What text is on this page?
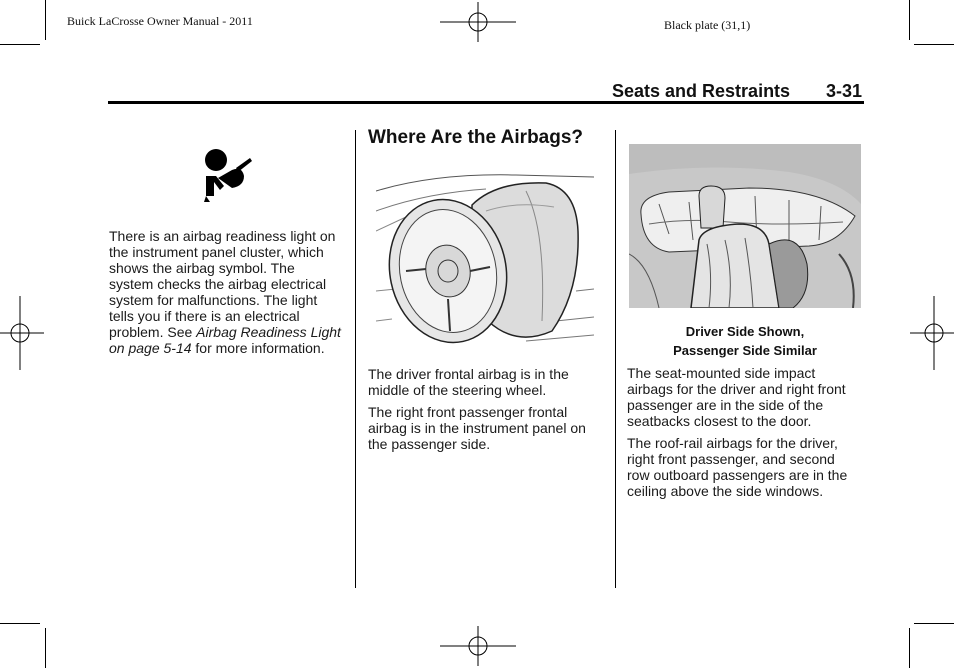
Buick LaCrosse Owner Manual - 2011	Black plate (31,1)
Seats and Restraints 3-31
There is an airbag readiness light on the instrument panel cluster, which shows the airbag symbol. The system checks the airbag electrical system for malfunctions. The light tells you if there is an electrical problem. See Airbag Readiness Light on page 5-14 for more information.
Where Are the Airbags?

The driver frontal airbag is in the middle of the steering wheel.

The right front passenger frontal airbag is in the instrument panel on the passenger side.

Driver Side Shown,
Passenger Side Similar

The seat-mounted side impact airbags for the driver and right front passenger are in the side of the seatbacks closest to the door.

The roof-rail airbags for the driver, right front passenger, and second row outboard passengers are in the ceiling above the side windows.
